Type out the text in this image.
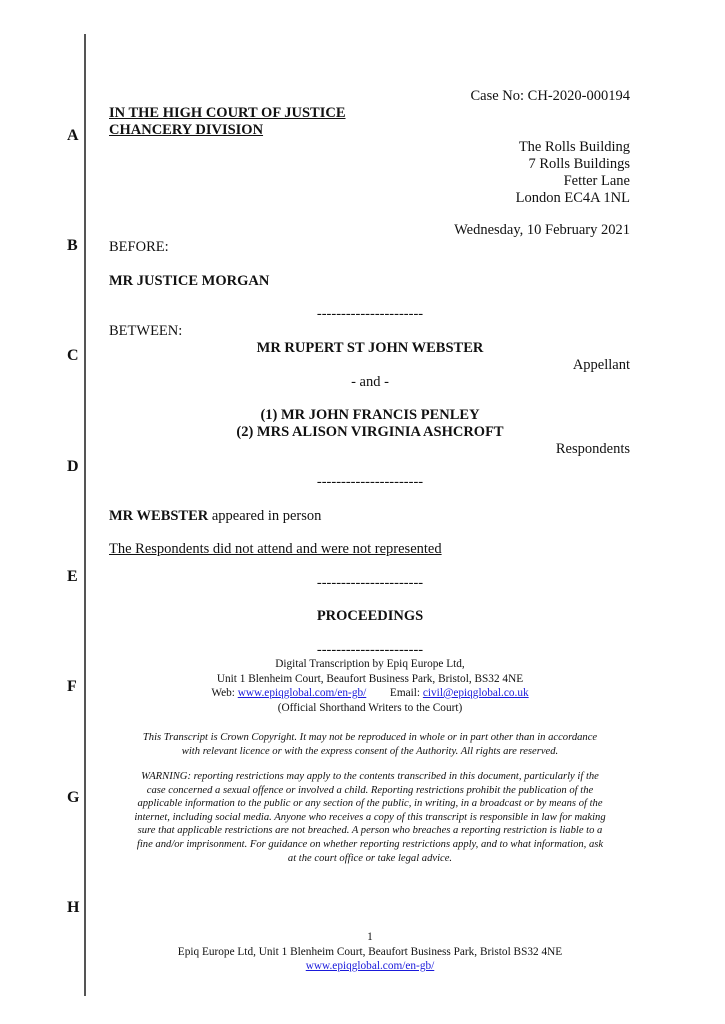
A
B
C
D
E
F
G
H
Case No: CH-2020-000194
IN THE HIGH COURT OF JUSTICE
CHANCERY DIVISION
The Rolls Building
7 Rolls Buildings
Fetter Lane
London EC4A 1NL
Wednesday, 10 February 2021
BEFORE:
MR JUSTICE MORGAN
----------------------
BETWEEN:
MR RUPERT ST JOHN WEBSTER
Appellant
- and -
(1) MR JOHN FRANCIS PENLEY
(2) MRS ALISON VIRGINIA ASHCROFT
Respondents
----------------------
MR WEBSTER appeared in person
The Respondents did not attend and were not represented
----------------------
PROCEEDINGS
----------------------
Digital Transcription by Epiq Europe Ltd,
Unit 1 Blenheim Court, Beaufort Business Park, Bristol, BS32 4NE
Web: www.epiqglobal.com/en-gb/ Email: civil@epiqglobal.co.uk
(Official Shorthand Writers to the Court)
This Transcript is Crown Copyright. It may not be reproduced in whole or in part other than in accordance
with relevant licence or with the express consent of the Authority. All rights are reserved.
WARNING: reporting restrictions may apply to the contents transcribed in this document, particularly if the
case concerned a sexual offence or involved a child. Reporting restrictions prohibit the publication of the
applicable information to the public or any section of the public, in writing, in a broadcast or by means of the
internet, including social media. Anyone who receives a copy of this transcript is responsible in law for making
sure that applicable restrictions are not breached. A person who breaches a reporting restriction is liable to a
fine and/or imprisonment. For guidance on whether reporting restrictions apply, and to what information, ask
at the court office or take legal advice.
1
Epiq Europe Ltd, Unit 1 Blenheim Court, Beaufort Business Park, Bristol BS32 4NE
www.epiqglobal.com/en-gb/
